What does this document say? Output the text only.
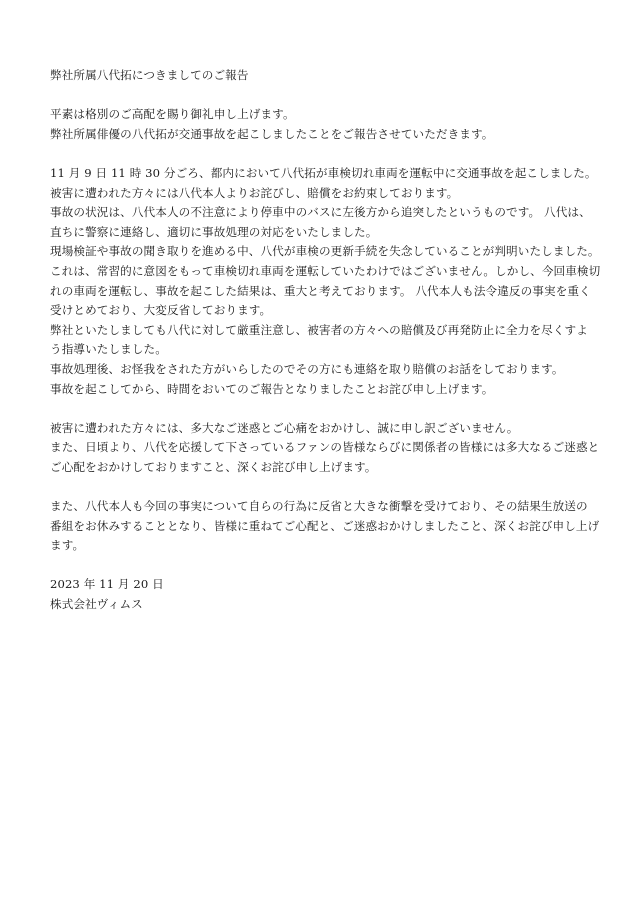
弊社所属八代拓につきましてのご報告
平素は格別のご高配を賜り御礼申し上げます。
弊社所属俳優の八代拓が交通事故を起こしましたことをご報告させていただきます。
11 月 9 日 11 時 30 分ごろ、都内において八代拓が車検切れ車両を運転中に交通事故を起こしました。
被害に遭われた方々には八代本人よりお詫びし、賠償をお約束しております。
事故の状況は、八代本人の不注意により停車中のバスに左後方から追突したというものです。 八代は、
直ちに警察に連絡し、適切に事故処理の対応をいたしました。
現場検証や事故の聞き取りを進める中、八代が車検の更新手続を失念していることが判明いたしました。
これは、常習的に意図をもって車検切れ車両を運転していたわけではございません。しかし、今回車検切
れの車両を運転し、事故を起こした結果は、重大と考えております。 八代本人も法令違反の事実を重く
受けとめており、大変反省しております。
弊社といたしましても八代に対して厳重注意し、被害者の方々への賠償及び再発防止に全力を尽くすよ
う指導いたしました。
事故処理後、お怪我をされた方がいらしたのでその方にも連絡を取り賠償のお話をしております。
事故を起こしてから、時間をおいてのご報告となりましたことお詫び申し上げます。
被害に遭われた方々には、多大なご迷惑とご心痛をおかけし、誠に申し訳ございません。
また、日頃より、八代を応援して下さっているファンの皆様ならびに関係者の皆様には多大なるご迷惑と
ご心配をおかけしておりますこと、深くお詫び申し上げます。
また、八代本人も今回の事実について自らの行為に反省と大きな衝撃を受けており、その結果生放送の
番組をお休みすることとなり、皆様に重ねてご心配と、ご迷惑おかけしましたこと、深くお詫び申し上げ
ます。
2023 年 11 月 20 日
株式会社ヴィムス
